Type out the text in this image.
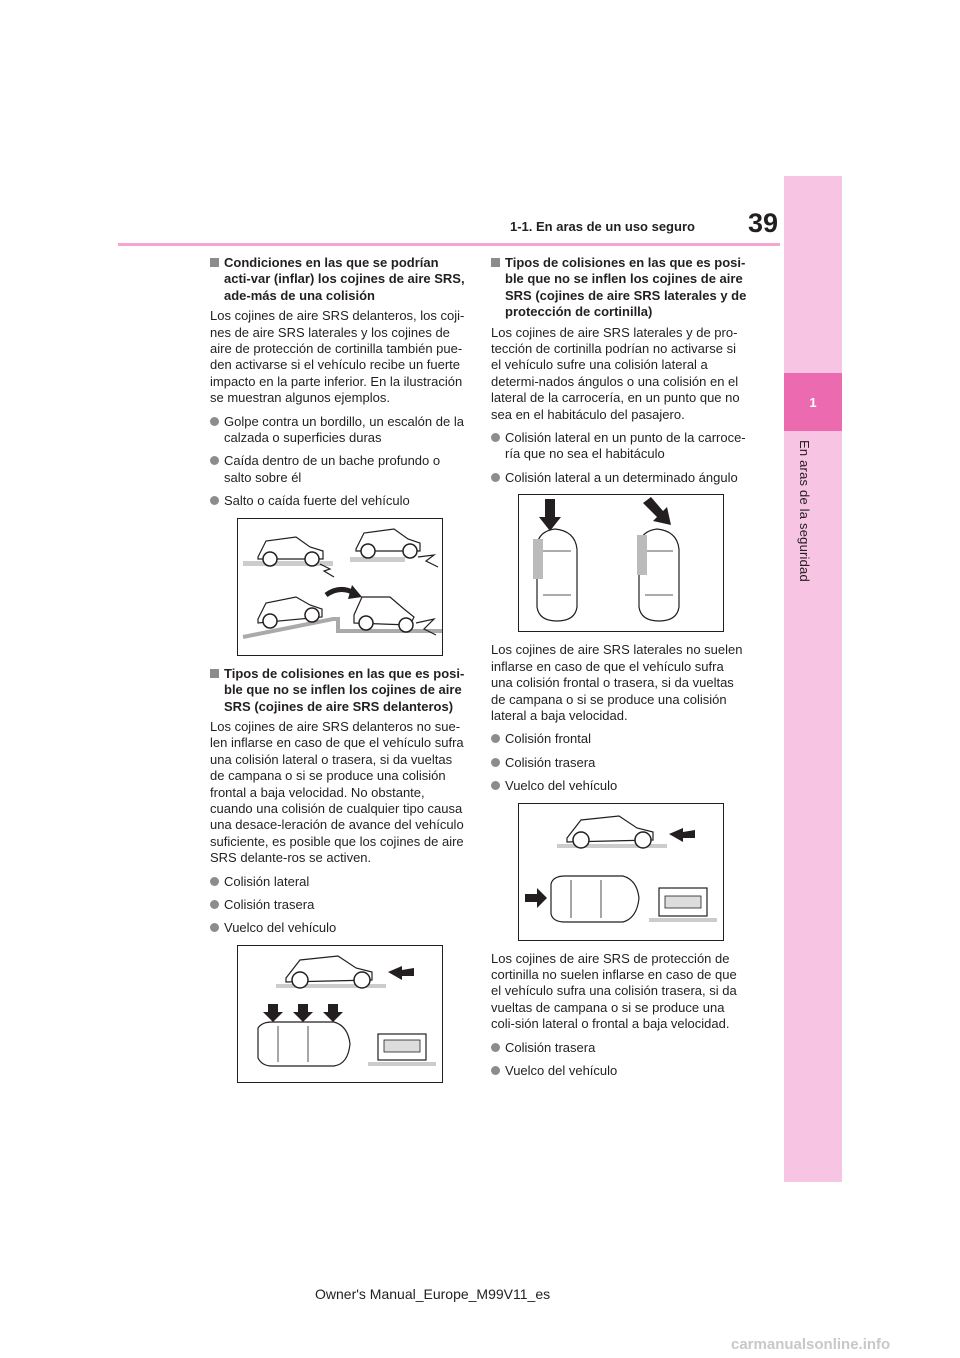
39
1-1. En aras de un uso seguro
1
En aras de la seguridad
Condiciones en las que se podrían acti-var (inflar) los cojines de aire SRS, ade-más de una colisión
Los cojines de aire SRS delanteros, los coji-nes de aire SRS laterales y los cojines de aire de protección de cortinilla también pue-den activarse si el vehículo recibe un fuerte impacto en la parte inferior. En la ilustración se muestran algunos ejemplos.
Golpe contra un bordillo, un escalón de la calzada o superficies duras
Caída dentro de un bache profundo o salto sobre él
Salto o caída fuerte del vehículo
Tipos de colisiones en las que es posi-ble que no se inflen los cojines de aire SRS (cojines de aire SRS delanteros)
Los cojines de aire SRS delanteros no sue-len inflarse en caso de que el vehículo sufra una colisión lateral o trasera, si da vueltas de campana o si se produce una colisión frontal a baja velocidad. No obstante, cuando una colisión de cualquier tipo causa una desace-leración de avance del vehículo suficiente, es posible que los cojines de aire SRS delante-ros se activen.
Colisión lateral
Colisión trasera
Vuelco del vehículo
Tipos de colisiones en las que es posi-ble que no se inflen los cojines de aire SRS (cojines de aire SRS laterales y de protección de cortinilla)
Los cojines de aire SRS laterales y de pro-tección de cortinilla podrían no activarse si el vehículo sufre una colisión lateral a determi-nados ángulos o una colisión en el lateral de la carrocería, en un punto que no sea en el habitáculo del pasajero.
Colisión lateral en un punto de la carroce-ría que no sea el habitáculo
Colisión lateral a un determinado ángulo
Los cojines de aire SRS laterales no suelen inflarse en caso de que el vehículo sufra una colisión frontal o trasera, si da vueltas de campana o si se produce una colisión lateral a baja velocidad.
Colisión frontal
Colisión trasera
Vuelco del vehículo
Los cojines de aire SRS de protección de cortinilla no suelen inflarse en caso de que el vehículo sufra una colisión trasera, si da vueltas de campana o si se produce una coli-sión lateral o frontal a baja velocidad.
Colisión trasera
Vuelco del vehículo
Owner's Manual_Europe_M99V11_es
carmanualsonline.info
